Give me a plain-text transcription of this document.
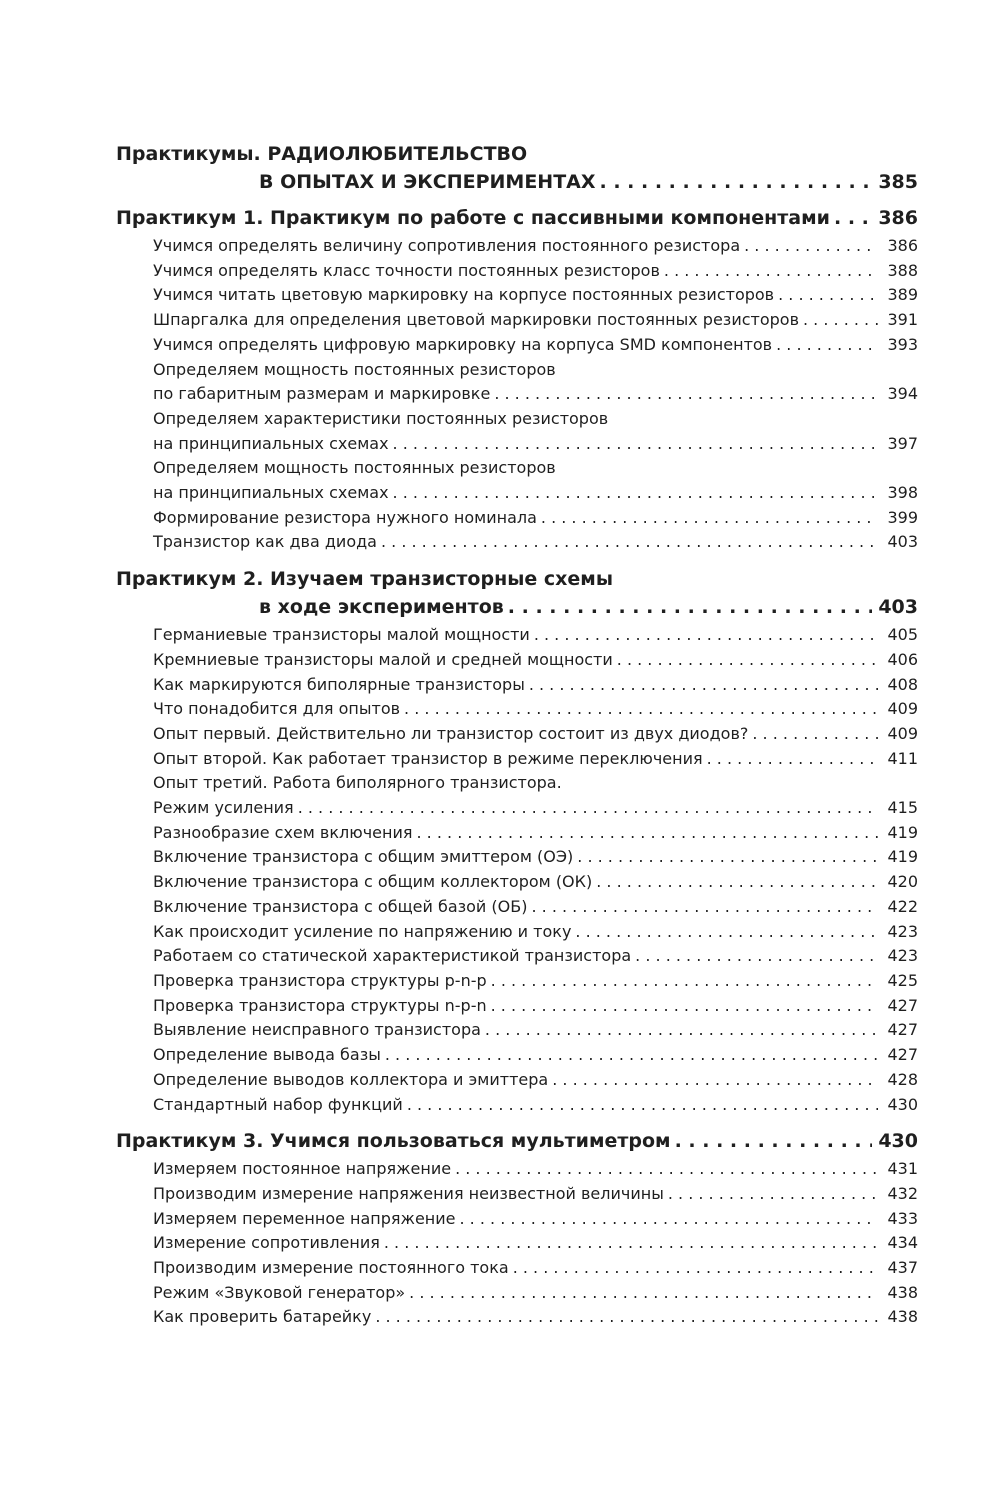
Практикумы. РАДИОЛЮБИТЕЛЬСТВО
В ОПЫТАХ И ЭКСПЕРИМЕНТАХ . . .	385
Практикум 1. Практикум по работе с пассивными компонентами . . .	386
Учимся определять величину сопротивления постоянного резистора . . .	386
Учимся определять класс точности постоянных резисторов . . .	388
Учимся читать цветовую маркировку на корпусе постоянных резисторов . . .	389
Шпаргалка для определения цветовой маркировки постоянных резисторов . . .	391
Учимся определять цифровую маркировку на корпуса SMD компонентов . . .	393
Определяем мощность постоянных резисторов
по габаритным размерам и маркировке . . .	394
Определяем характеристики постоянных резисторов
на принципиальных схемах . . .	397
Определяем мощность постоянных резисторов
на принципиальных схемах . . .	398
Формирование резистора нужного номинала . . .	399
Транзистор как два диода . . .	403
Практикум 2. Изучаем транзисторные схемы
в ходе экспериментов . . .	403
Германиевые транзисторы малой мощности . . .	405
Кремниевые транзисторы малой и средней мощности . . .	406
Как маркируются биполярные транзисторы . . .	408
Что понадобится для опытов . . .	409
Опыт первый. Действительно ли транзистор состоит из двух диодов? . . .	409
Опыт второй. Как работает транзистор в режиме переключения . . .	411
Опыт третий. Работа биполярного транзистора.
Режим усиления . . .	415
Разнообразие схем включения . . .	419
Включение транзистора с общим эмиттером (ОЭ) . . .	419
Включение транзистора с общим коллектором (ОК) . . .	420
Включение транзистора с общей базой (ОБ) . . .	422
Как происходит усиление по напряжению и току . . .	423
Работаем со статической характеристикой транзистора . . .	423
Проверка транзистора структуры p-n-p . . .	425
Проверка транзистора структуры n-p-n . . .	427
Выявление неисправного транзистора . . .	427
Определение вывода базы . . .	427
Определение выводов коллектора и эмиттера . . .	428
Стандартный набор функций . . .	430
Практикум 3. Учимся пользоваться мультиметром . . .	430
Измеряем постоянное напряжение . . .	431
Производим измерение напряжения неизвестной величины . . .	432
Измеряем переменное напряжение . . .	433
Измерение сопротивления . . .	434
Производим измерение постоянного тока . . .	437
Режим «Звуковой генератор» . . .	438
Как проверить батарейку . . .	438
